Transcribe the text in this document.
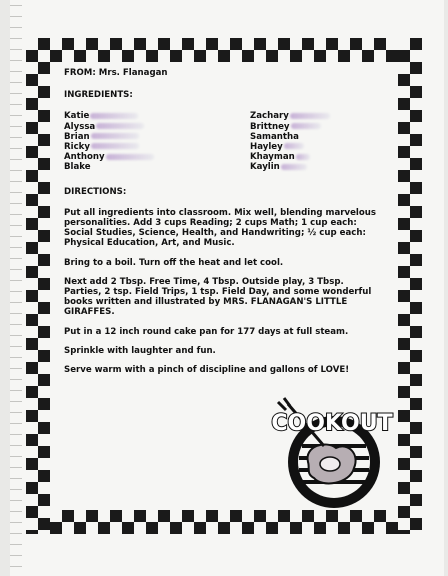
FROM: Mrs. Flanagan
INGREDIENTS:
Katie
Alyssa
Brian
Ricky
Anthony
Blake
Zachary
Brittney
Samantha
Hayley
Khayman
Kaylin
DIRECTIONS:
Put all ingredients into classroom. Mix well, blending marvelous personalities. Add 3 cups Reading; 2 cups Math; 1 cup each: Social Studies, Science, Health, and Handwriting; ½ cup each: Physical Education, Art, and Music.
Bring to a boil. Turn off the heat and let cool.
Next add 2 Tbsp. Free Time, 4 Tbsp. Outside play, 3 Tbsp. Parties, 2 tsp. Field Trips, 1 tsp. Field Day, and some wonderful books written and illustrated by MRS. FLANAGAN'S LITTLE GIRAFFES.
Put in a 12 inch round cake pan for 177 days at full steam.
Sprinkle with laughter and fun.
Serve warm with a pinch of discipline and gallons of LOVE!
COOKOUT
